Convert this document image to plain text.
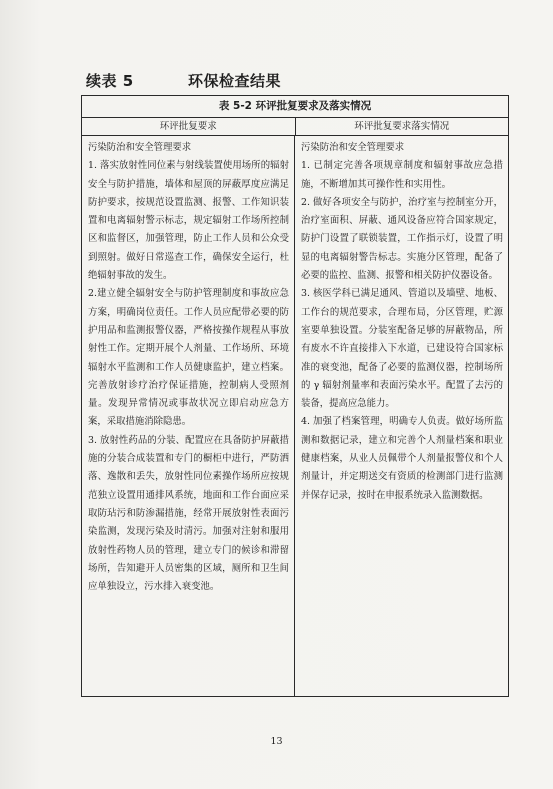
续表 5	环保检查结果
表 5-2 环评批复要求及落实情况
环评批复要求	环评批复要求落实情况

污染防治和安全管理要求

1. 落实放射性同位素与射线装置使用场所的辐射安全与防护措施，墙体和屋顶的屏蔽厚度应满足防护要求，按规范设置监测、报警、工作知识装置和电离辐射警示标志，规定辐射工作场所控制区和监督区，加强管理，防止工作人员和公众受到照射。做好日常巡查工作，确保安全运行，杜绝辐射事故的发生。

2.建立健全辐射安全与防护管理制度和事故应急方案，明确岗位责任。工作人员应配带必要的防护用品和监测报警仪器，严格按操作规程从事放射性工作。定期开展个人剂量、工作场所、环境辐射水平监测和工作人员健康监护，建立档案。完善放射诊疗治疗保证措施，控制病人受照剂量。发现异常情况或事故状况立即启动应急方案，采取措施消除隐患。

3. 放射性药品的分装、配置应在具备防护屏蔽措施的分装合成装置和专门的橱柜中进行，严防洒落、逸散和丢失，放射性同位素操作场所应按规范独立设置用通排风系统，地面和工作台面应采取防玷污和防渗漏措施，经常开展放射性表面污染监测，发现污染及时清污。加强对注射和服用放射性药物人员的管理，建立专门的候诊和滞留场所，告知避开人员密集的区域，厕所和卫生间应单独设立，污水排入衰变池。

污染防治和安全管理要求

1. 已制定完善各项规章制度和辐射事故应急措施，不断增加其可操作性和实用性。

2. 做好各项安全与防护，治疗室与控制室分开，治疗室面积、屏蔽、通风设备应符合国家规定，防护门设置了联锁装置，工作指示灯，设置了明显的电离辐射警告标志。实施分区管理，配备了必要的监控、监测、报警和相关防护仪器设备。

3. 核医学科已满足通风、管道以及墙壁、地板、工作台的规范要求，合理布局，分区管理，贮源室要单独设置。分装室配备足够的屏蔽物品，所有废水不许直接排入下水道，已建设符合国家标准的衰变池，配备了必要的监测仪器，控制场所的 γ 辐射剂量率和表面污染水平。配置了去污的装备，提高应急能力。

4. 加强了档案管理，明确专人负责。做好场所监测和数据记录，建立和完善个人剂量档案和职业健康档案，从业人员佩带个人剂量报警仪和个人剂量计，并定期送交有资质的检测部门进行监测并保存记录，按时在申报系统录入监测数据。

13
